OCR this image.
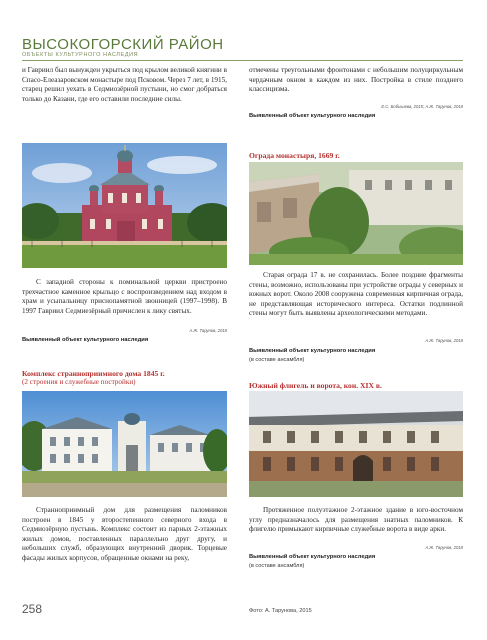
ВЫСОКОГОРСКИЙ РАЙОН
ОБЪЕКТЫ КУЛЬТУРНОГО НАСЛЕДИЯ
и Гавриил был вынужден укрыться под крылом великой княгини в Спасо-Елеазаровском монастыре под Псковом. Через 7 лет, в 1915, старец решил уехать в Седмиозёрной пустыни, но смог добраться только до Казани, где его оставили последние силы.
отмечены треугольными фронтонами с небольшим полуциркульным чердачным окном в каждом из них. Постройка в стиле позднего классицизма.
Е.С. Бобышева, 2015; А.Ж. Тарунов, 2018
Выявленный объект культурного наследия
Ограда монастыря, 1669 г.
С западной стороны к поминальной церкви пристроено трехчастное каменное крыльцо с воспроизведением над входом в храм и усыпальницу приснопамятной звонницей (1997–1998). В 1997 Гавриил Седмиезёрный причислен к лику святых.
А.Ж. Тарунов, 2018
Выявленный объект культурного наследия
Комплекс странноприимного дома 1845 г.
(2 строения и служебные постройки)
Старая ограда 17 в. не сохранилась. Более поздние фрагменты стены, возможно, использованы при устройстве ограды у северных и южных ворот. Около 2008 сооружена современная кирпичная ограда, не представляющая исторического интереса. Остатки подлинной стены могут быть выявлены археологическими методами.
А.Ж. Тарунов, 2018
Выявленный объект культурного наследия
(в составе ансамбля)
Южный флигель и ворота, кон. XIX в.
Странноприимный дом для размещения паломников построен в 1845 у второстепенного северного входа в Седмиозёрную пустынь. Комплекс состоит из парных 2-этажных жилых домов, поставленных параллельно друг другу, и небольших служб, образующих внутренний дворик. Торцевые фасады жилых корпусов, обращенные окнами на реку,
Протяженное полуэтажное 2-этажное здание в юго-восточном углу предназначалось для размещения знатных паломников. К флигелю примыкают кирпичные служебные ворота в виде арки.
А.Ж. Тарунов, 2018
Выявленный объект культурного наследия
(в составе ансамбля)
258	Фото: А. Тарунова, 2015
